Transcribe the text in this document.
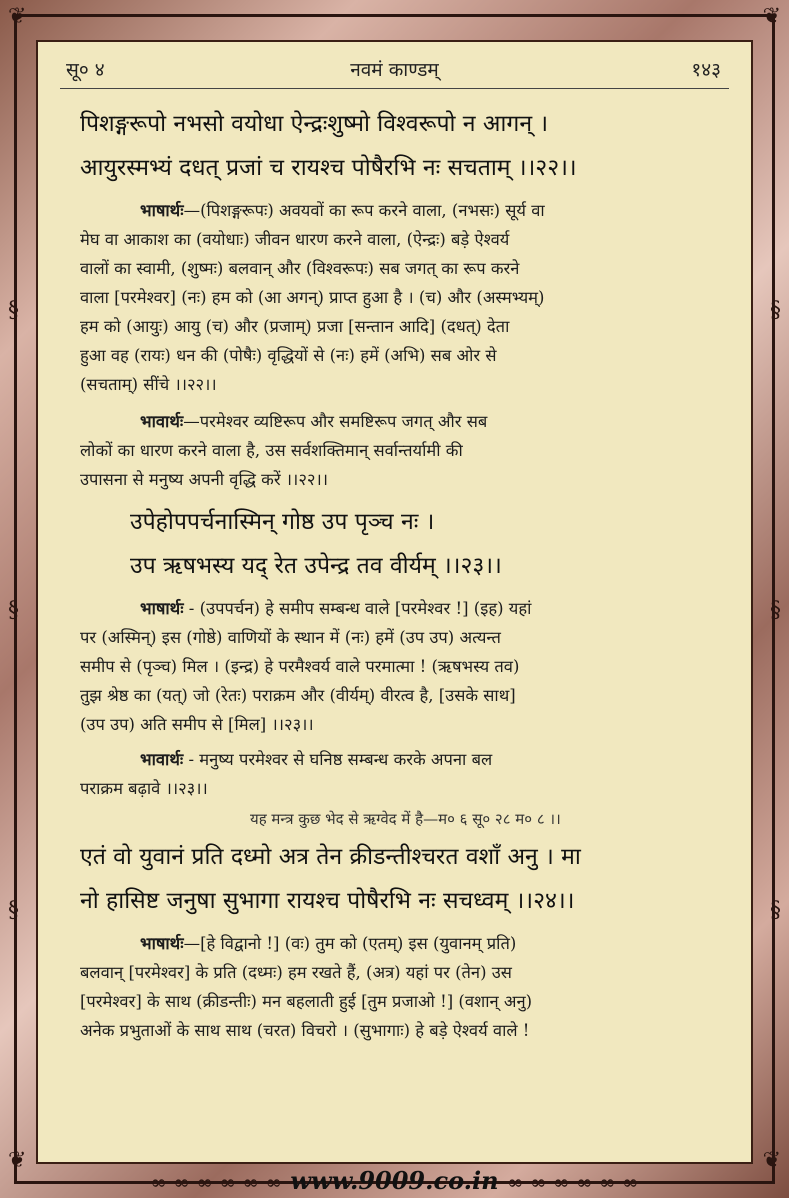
❦	❦
❦	❦
§
§
§
§
§
§
सू० ४	नवमं काण्डम्	१४३
पिशङ्गरूपो नभसो वयोधा ऐन्द्रःशुष्मो विश्वरूपो न आगन् ।
आयुरस्मभ्यं दधत् प्रजां च रायश्च पोषैरभि नः सचताम् ।।२२।।
भाषार्थः—(पिशङ्गरूपः) अवयवों का रूप करने वाला, (नभसः) सूर्य वा
मेघ वा आकाश का (वयोधाः) जीवन धारण करने वाला, (ऐन्द्रः) बड़े ऐश्वर्य
वालों का स्वामी, (शुष्मः) बलवान् और (विश्वरूपः) सब जगत् का रूप करने
वाला [परमेश्वर] (नः) हम को (आ अगन्) प्राप्त हुआ है । (च) और (अस्मभ्यम्)
हम को (आयुः) आयु (च) और (प्रजाम्) प्रजा [सन्तान आदि] (दधत्) देता
हुआ वह (रायः) धन की (पोषैः) वृद्धियों से (नः) हमें (अभि) सब ओर से
(सचताम्) सींचे ।।२२।।
भावार्थः—परमेश्वर व्यष्टिरूप और समष्टिरूप जगत् और सब
लोकों का धारण करने वाला है, उस सर्वशक्तिमान् सर्वान्तर्यामी की
उपासना से मनुष्य अपनी वृद्धि करें ।।२२।।
उपेहोपपर्चनास्मिन् गोष्ठ उप पृञ्च नः ।
उप ऋषभस्य यद् रेत उपेन्द्र तव वीर्यम् ।।२३।।
भाषार्थः - (उपपर्चन) हे समीप सम्बन्ध वाले [परमेश्वर !] (इह) यहां
पर (अस्मिन्) इस (गोष्ठे) वाणियों के स्थान में (नः) हमें (उप उप) अत्यन्त
समीप से (पृञ्च) मिल । (इन्द्र) हे परमैश्वर्य वाले परमात्मा ! (ऋषभस्य तव)
तुझ श्रेष्ठ का (यत्) जो (रेतः) पराक्रम और (वीर्यम्) वीरत्व है, [उसके साथ]
(उप उप) अति समीप से [मिल] ।।२३।।
भावार्थः - मनुष्य परमेश्वर से घनिष्ठ सम्बन्ध करके अपना बल
पराक्रम बढ़ावे ।।२३।।
यह मन्त्र कुछ भेद से ऋग्वेद में है—म० ६ सू० २८ म० ८ ।।
एतं वो युवानं प्रति दध्मो अत्र तेन क्रीडन्तीश्चरत वशाँ अनु । मा
नो हासिष्ट जनुषा सुभागा रायश्च पोषैरभि नः सचध्वम् ।।२४।।
भाषार्थः—[हे विद्वानो !] (वः) तुम को (एतम्) इस (युवानम् प्रति)
बलवान् [परमेश्वर] के प्रति (दध्मः) हम रखते हैं, (अत्र) यहां पर (तेन) उस
[परमेश्वर] के साथ (क्रीडन्तीः) मन बहलाती हुई [तुम प्रजाओ !] (वशान् अनु)
अनेक प्रभुताओं के साथ साथ (चरत) विचरो । (सुभागाः) हे बड़े ऐश्वर्य वाले !
∞ ∞ ∞ ∞ ∞ ∞ www.9009.co.in ∞ ∞ ∞ ∞ ∞ ∞
